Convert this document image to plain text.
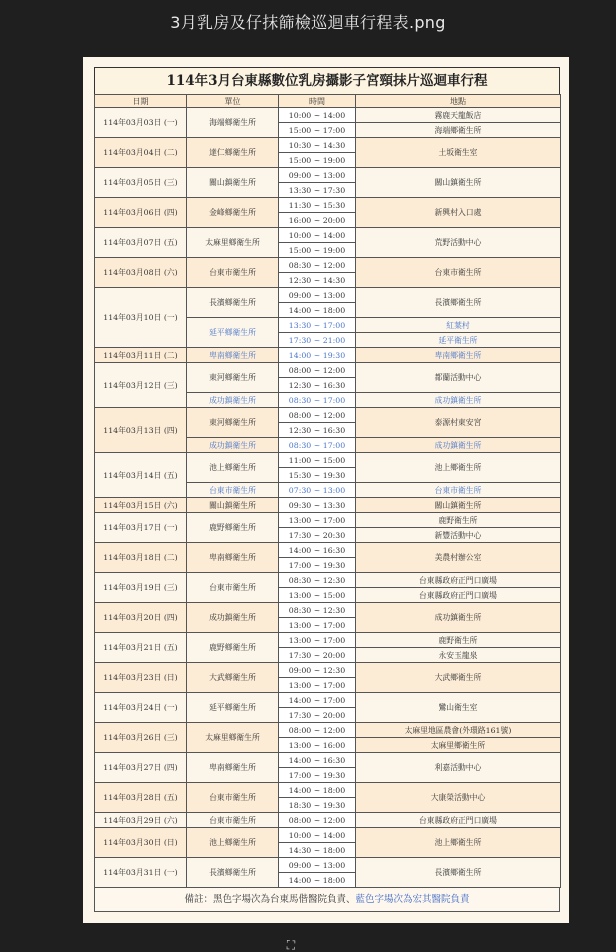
3月乳房及仔抹篩檢巡迴車行程表.png
114年3月台東縣數位乳房攝影子宮頸抹片巡迴車行程
日期	單位	時間	地點
114年03月03日 (一)	海端鄉衛生所	10:00 ~ 14:00	霧鹿天龍飯店
		15:00 ~ 17:00	海端鄉衛生所
114年03月04日 (二)	達仁鄉衛生所	10:30 ~ 14:30	土坂衛生室
		15:00 ~ 19:00	
114年03月05日 (三)	關山鎮衛生所	09:00 ~ 13:00	關山鎮衛生所
		13:30 ~ 17:30	
114年03月06日 (四)	金峰鄉衛生所	11:30 ~ 15:30	新興村入口處
		16:00 ~ 20:00	
114年03月07日 (五)	太麻里鄉衛生所	10:00 ~ 14:00	荒野活動中心
		15:00 ~ 19:00	
114年03月08日 (六)	台東市衛生所	08:30 ~ 12:00	台東市衛生所
		12:30 ~ 14:30	
114年03月10日 (一)	長濱鄉衛生所	09:00 ~ 13:00	長濱鄉衛生所
		14:00 ~ 18:00	
	延平鄉衛生所	13:30 ~ 17:00	紅葉村
		17:30 ~ 21:00	延平衛生所
114年03月11日 (二)	卑南鄉衛生所	14:00 ~ 19:30	卑南鄉衛生所
114年03月12日 (三)	東河鄉衛生所	08:00 ~ 12:00	都蘭活動中心
		12:30 ~ 16:30	
	成功鎮衛生所	08:30 ~ 17:00	成功鎮衛生所
114年03月13日 (四)	東河鄉衛生所	08:00 ~ 12:00	泰源村東安宮
		12:30 ~ 16:30	
	成功鎮衛生所	08:30 ~ 17:00	成功鎮衛生所
114年03月14日 (五)	池上鄉衛生所	11:00 ~ 15:00	池上鄉衛生所
		15:30 ~ 19:30	
	台東市衛生所	07:30 ~ 13:00	台東市衛生所
114年03月15日 (六)	關山鎮衛生所	09:30 ~ 13:30	關山鎮衛生所
114年03月17日 (一)	鹿野鄉衛生所	13:00 ~ 17:00	鹿野衛生所
		17:30 ~ 20:30	新豐活動中心
114年03月18日 (二)	卑南鄉衛生所	14:00 ~ 16:30	美農村辦公室
		17:00 ~ 19:30	
114年03月19日 (三)	台東市衛生所	08:30 ~ 12:30	台東縣政府正門口廣場
		13:00 ~ 15:00	台東縣政府正門口廣場
114年03月20日 (四)	成功鎮衛生所	08:30 ~ 12:30	成功鎮衛生所
		13:00 ~ 17:00	
114年03月21日 (五)	鹿野鄉衛生所	13:00 ~ 17:00	鹿野衛生所
		17:30 ~ 20:00	永安玉龍泉
114年03月23日 (日)	大武鄉衛生所	09:00 ~ 12:30	大武鄉衛生所
		13:00 ~ 17:00	
114年03月24日 (一)	延平鄉衛生所	14:00 ~ 17:00	鸞山衛生室
		17:30 ~ 20:00	
114年03月26日 (三)	太麻里鄉衛生所	08:00 ~ 12:00	太麻里地區農會(外環路161號)
		13:00 ~ 16:00	太麻里鄉衛生所
114年03月27日 (四)	卑南鄉衛生所	14:00 ~ 16:30	利嘉活動中心
		17:00 ~ 19:30	
114年03月28日 (五)	台東市衛生所	14:00 ~ 18:00	大康榮活動中心
		18:30 ~ 19:30	
114年03月29日 (六)	台東市衛生所	08:00 ~ 12:00	台東縣政府正門口廣場
114年03月30日 (日)	池上鄉衛生所	10:00 ~ 14:00	池上鄉衛生所
		14:30 ~ 18:00	
114年03月31日 (一)	長濱鄉衛生所	09:00 ~ 13:00	長濱鄉衛生所
		14:00 ~ 18:00	
備註：黑色字場次為台東馬偕醫院負責、藍色字場次為宏其醫院負責
⛶
